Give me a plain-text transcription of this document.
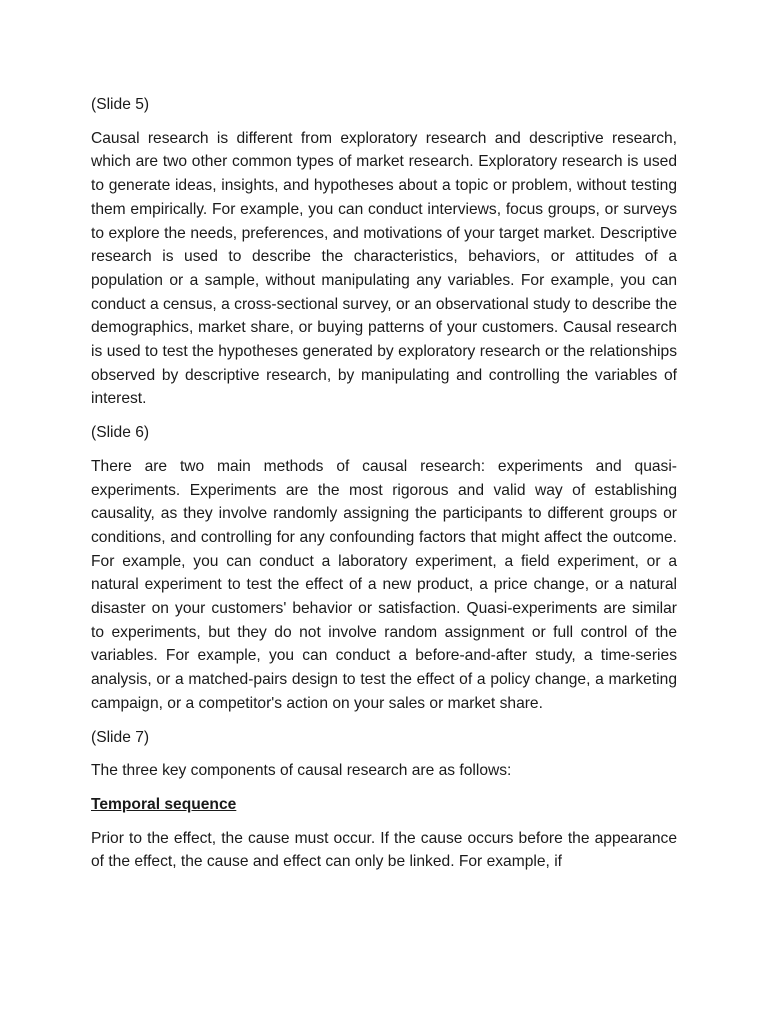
(Slide 5)

Causal research is different from exploratory research and descriptive research, which are two other common types of market research. Exploratory research is used to generate ideas, insights, and hypotheses about a topic or problem, without testing them empirically. For example, you can conduct interviews, focus groups, or surveys to explore the needs, preferences, and motivations of your target market. Descriptive research is used to describe the characteristics, behaviors, or attitudes of a population or a sample, without manipulating any variables. For example, you can conduct a census, a cross-sectional survey, or an observational study to describe the demographics, market share, or buying patterns of your customers. Causal research is used to test the hypotheses generated by exploratory research or the relationships observed by descriptive research, by manipulating and controlling the variables of interest.

(Slide 6)

There are two main methods of causal research: experiments and quasi-experiments. Experiments are the most rigorous and valid way of establishing causality, as they involve randomly assigning the participants to different groups or conditions, and controlling for any confounding factors that might affect the outcome. For example, you can conduct a laboratory experiment, a field experiment, or a natural experiment to test the effect of a new product, a price change, or a natural disaster on your customers' behavior or satisfaction. Quasi-experiments are similar to experiments, but they do not involve random assignment or full control of the variables. For example, you can conduct a before-and-after study, a time-series analysis, or a matched-pairs design to test the effect of a policy change, a marketing campaign, or a competitor's action on your sales or market share.

(Slide 7)

The three key components of causal research are as follows:

Temporal sequence

Prior to the effect, the cause must occur. If the cause occurs before the appearance of the effect, the cause and effect can only be linked. For example, if
